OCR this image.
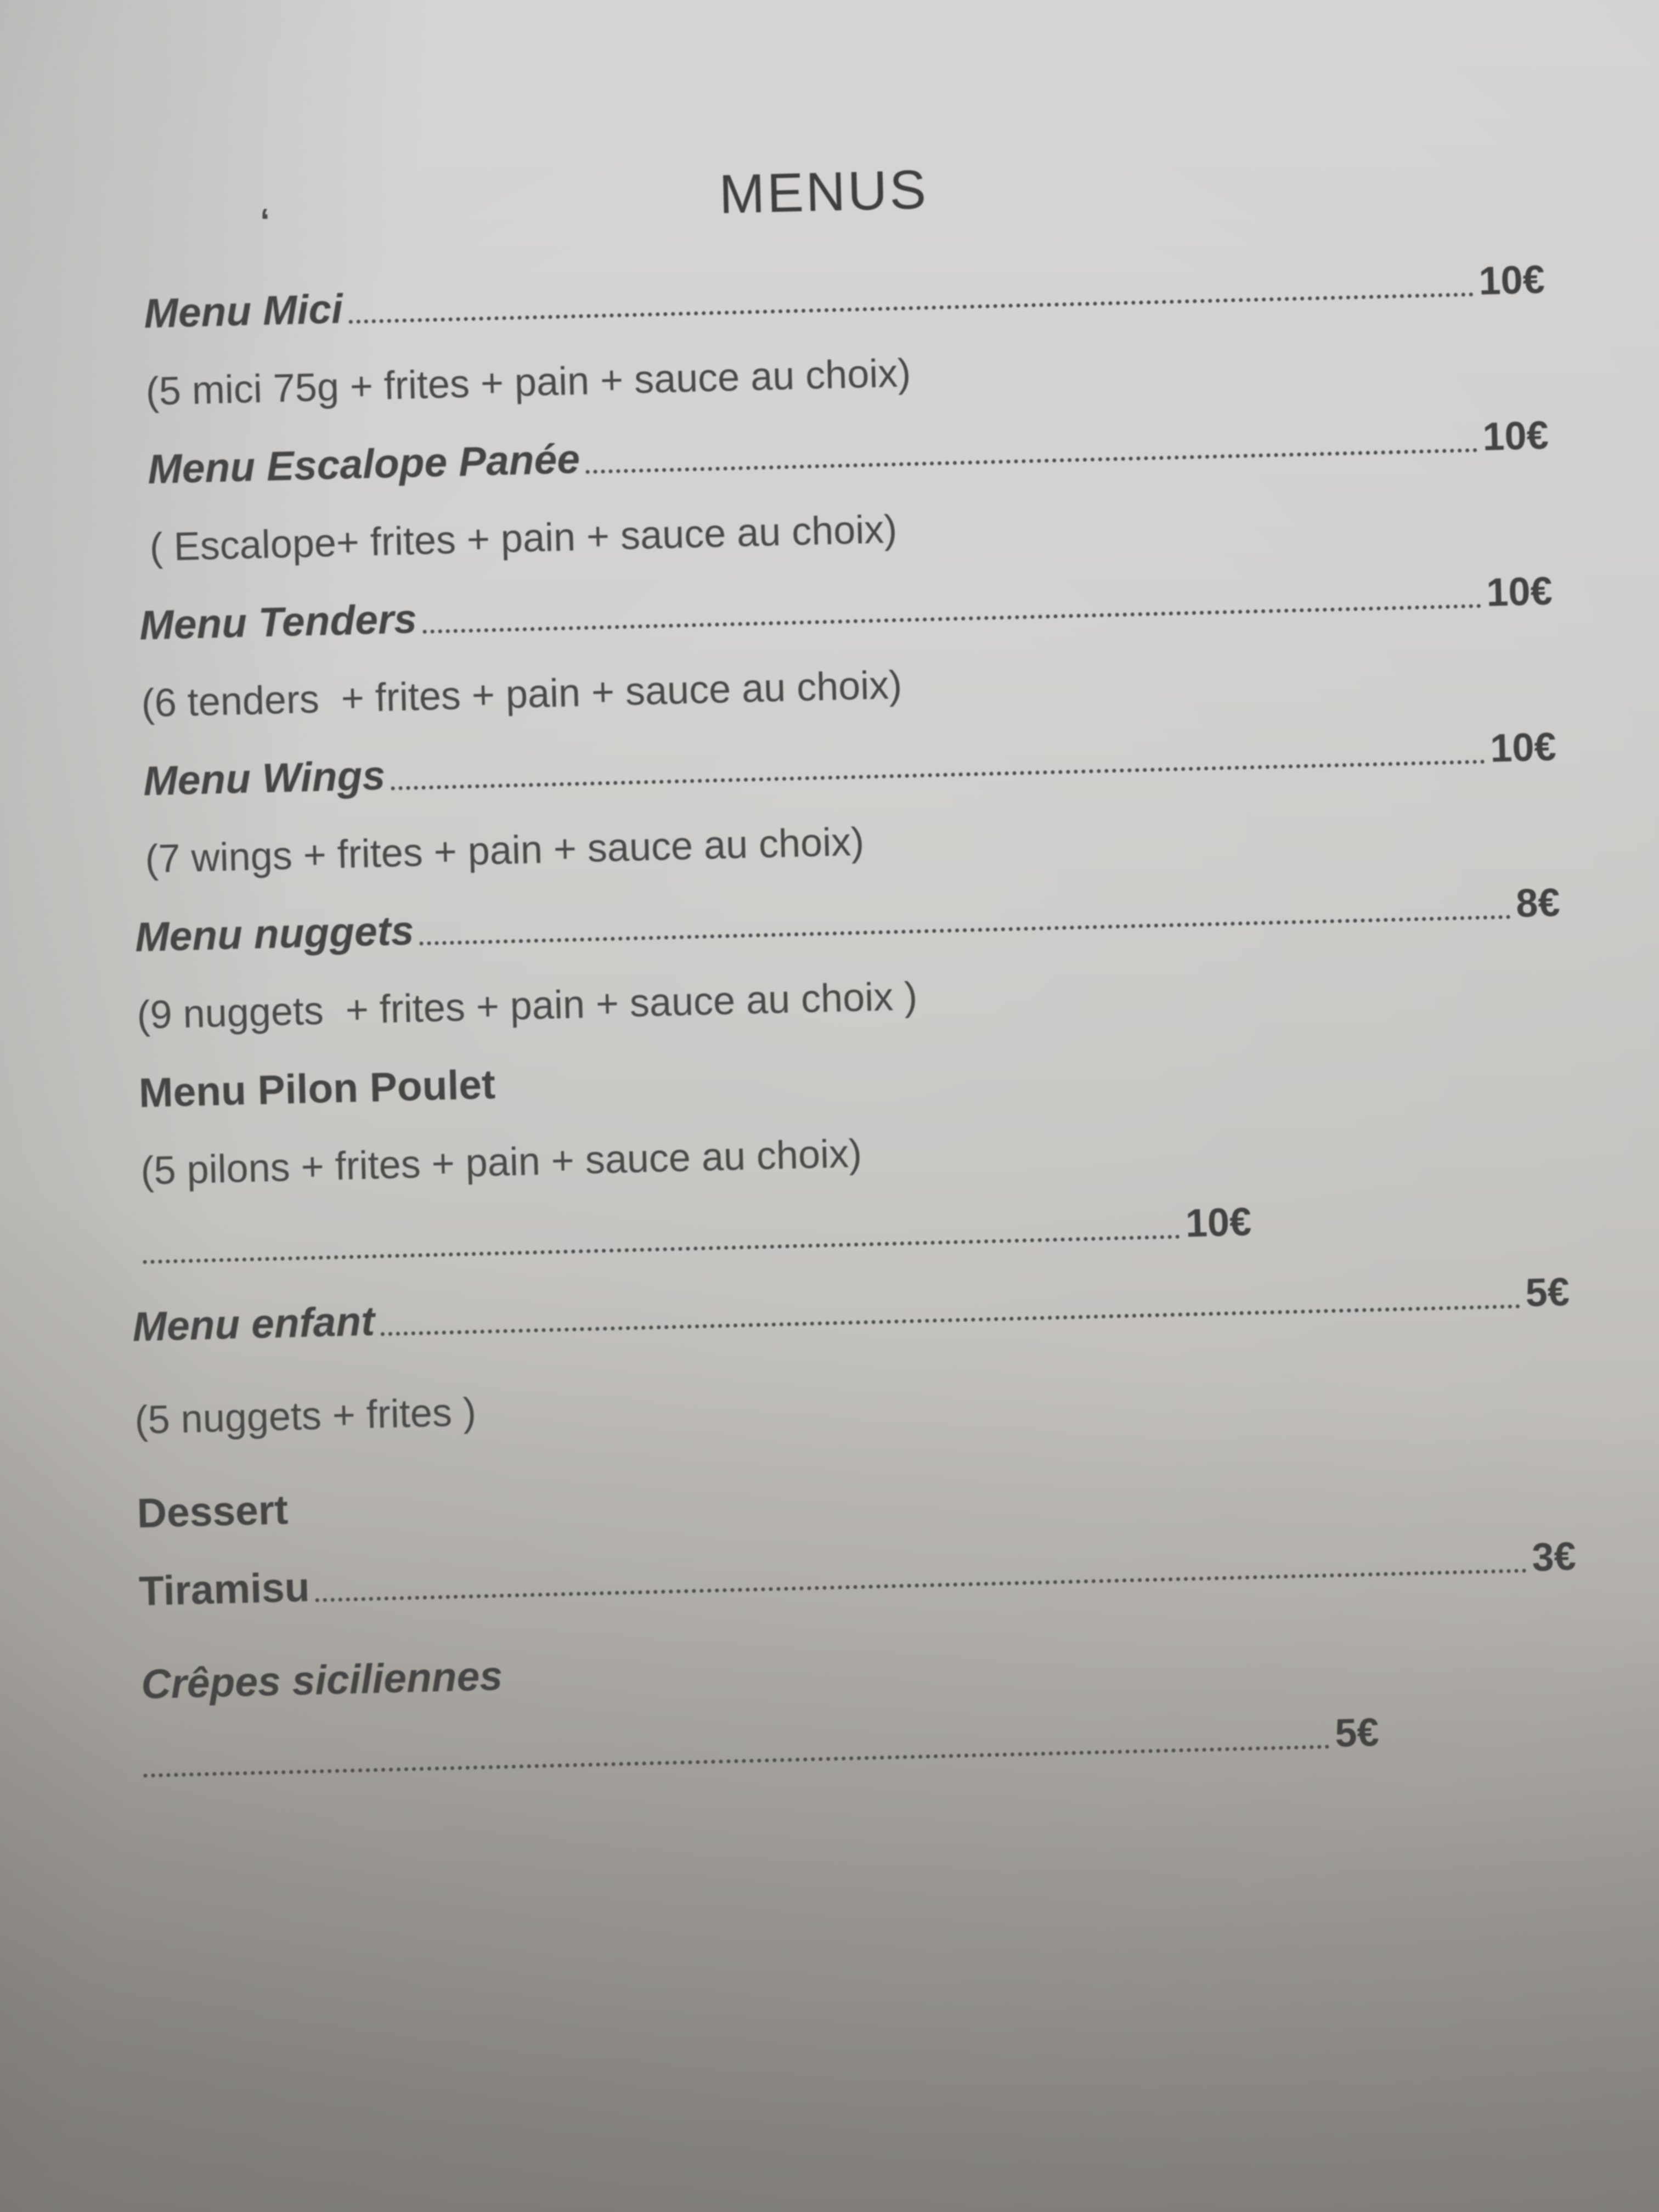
‘	MENUS
Menu Mici
10€
(5 mici 75g + frites + pain + sauce au choix)
Menu Escalope Panée	10€
( Escalope+ frites + pain + sauce au choix)
Menu Tenders
10€
(6 tenders  + frites + pain + sauce au choix)
Menu Wings
10€
(7 wings + frites + pain + sauce au choix)
Menu nuggets
8€
(9 nuggets  + frites + pain + sauce au choix )
Menu Pilon Poulet
(5 pilons + frites + pain + sauce au choix)
10€
Menu enfant
5€
(5 nuggets + frites )
Dessert
Tiramisu
3€
Crêpes siciliennes
5€
